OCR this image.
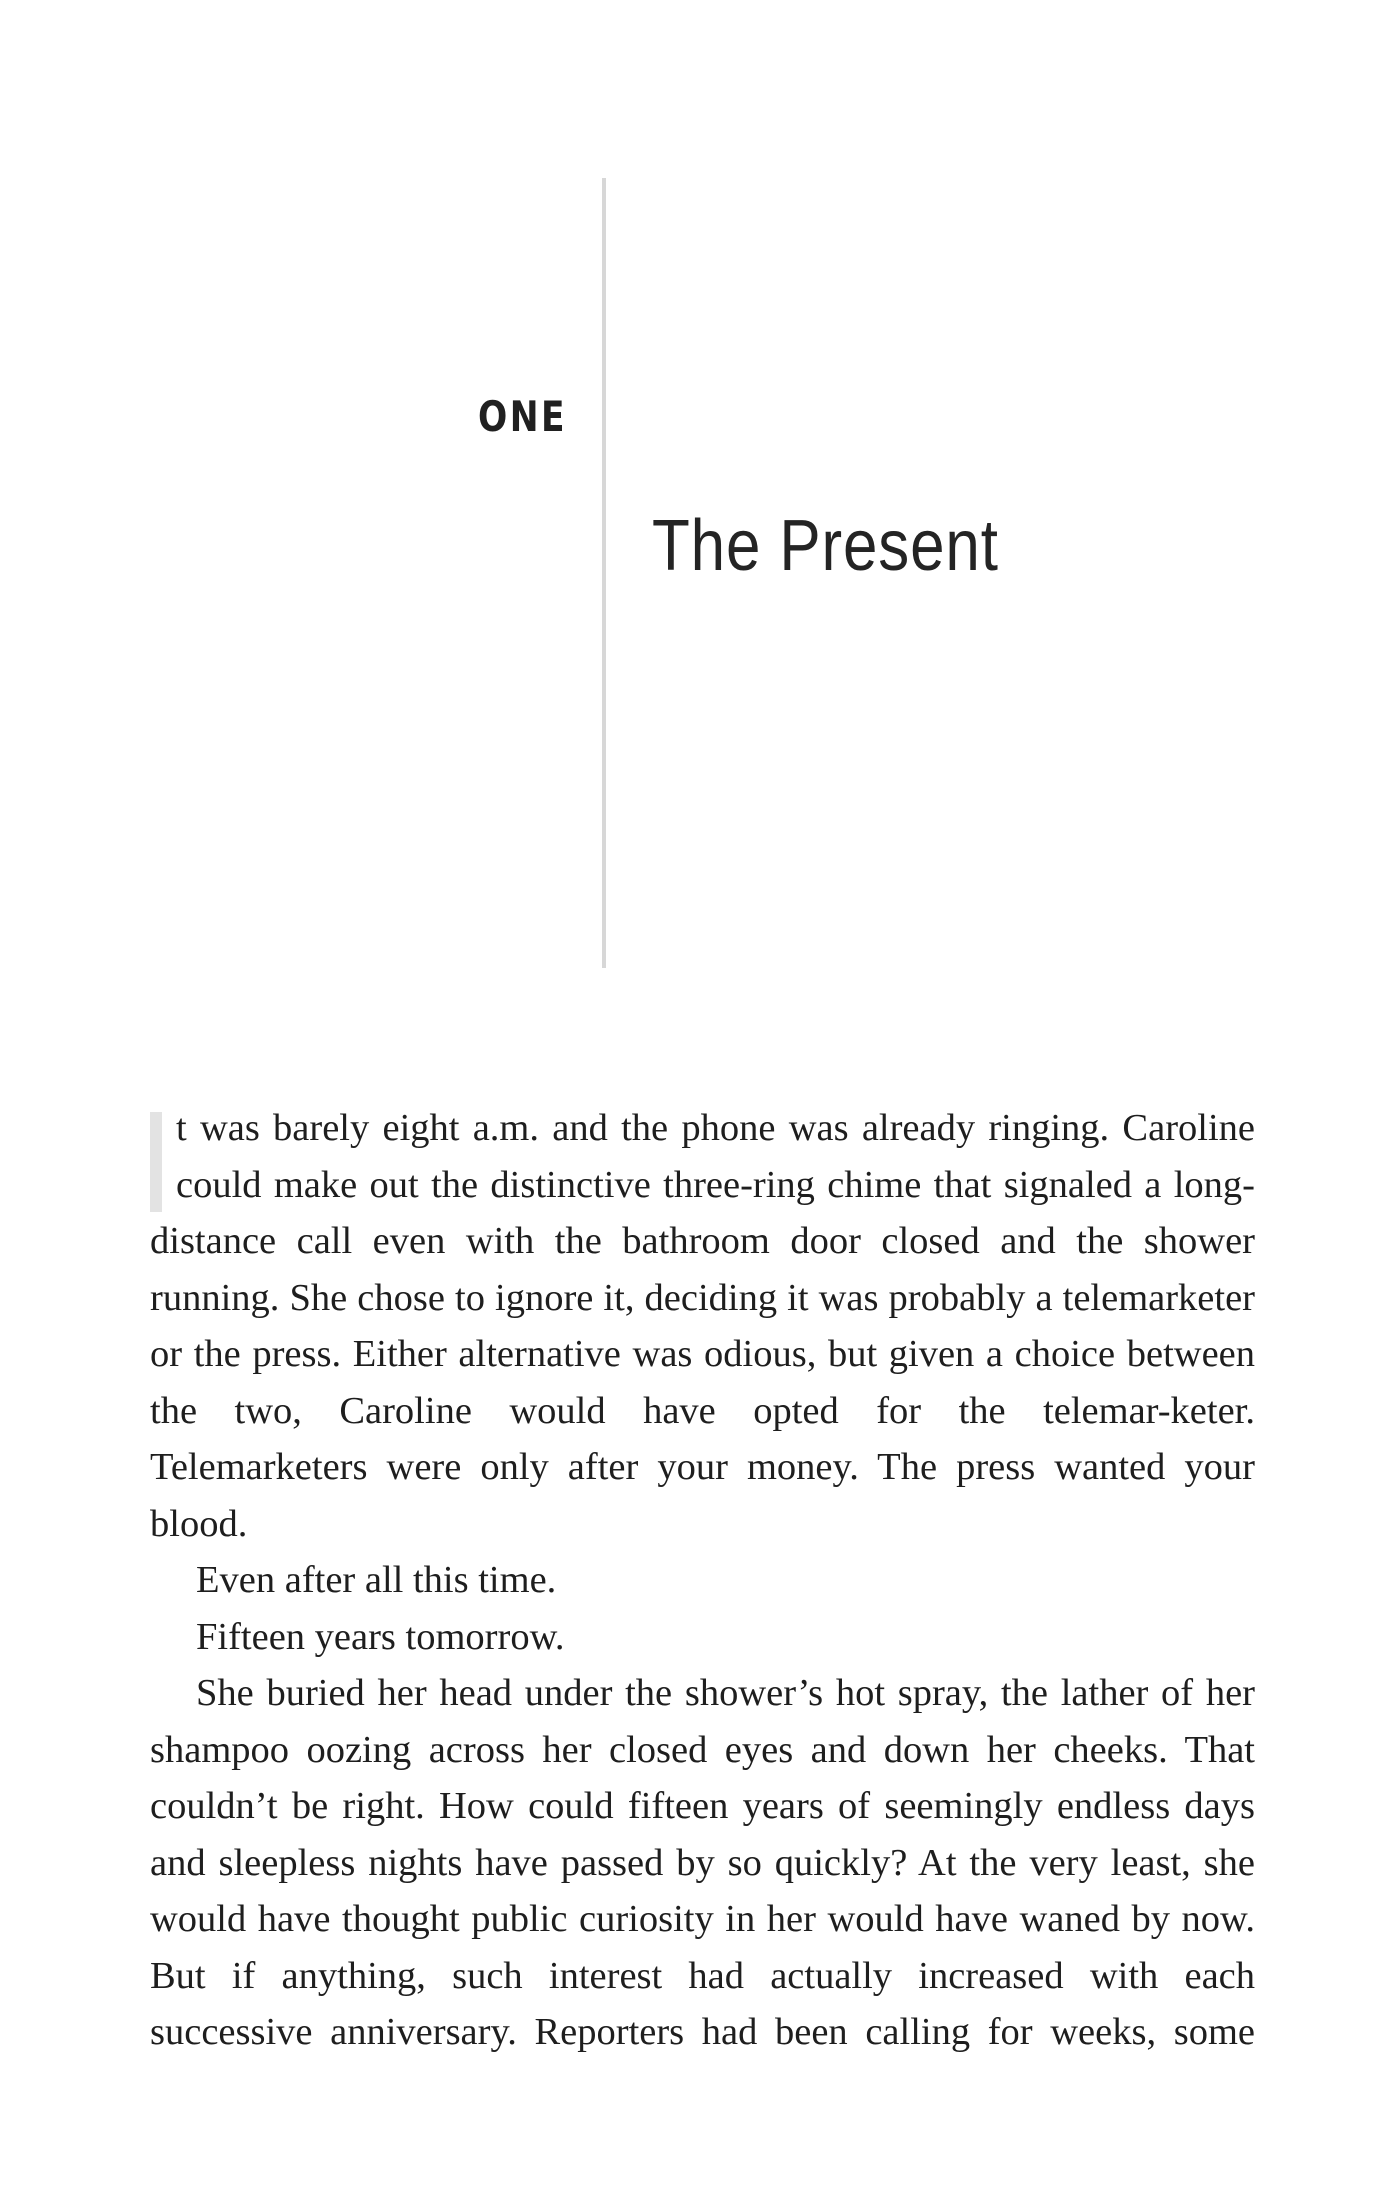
ONE
The Present

t was barely eight a.m. and the phone was already ringing. Caroline could make out the distinctive three-ring chime that signaled a long-distance call even with the bathroom door closed and the shower running. She chose to ignore it, deciding it was probably a telemarketer or the press. Either alternative was odious, but given a choice between the two, Caroline would have opted for the telemar-keter. Telemarketers were only after your money. The press wanted your blood.

Even after all this time.

Fifteen years tomorrow.

She buried her head under the shower’s hot spray, the lather of her shampoo oozing across her closed eyes and down her cheeks. That couldn’t be right. How could fifteen years of seemingly endless days and sleepless nights have passed by so quickly? At the very least, she would have thought public curiosity in her would have waned by now. But if anything, such interest had actually increased with each successive anniversary. Reporters had been calling for weeks, some
